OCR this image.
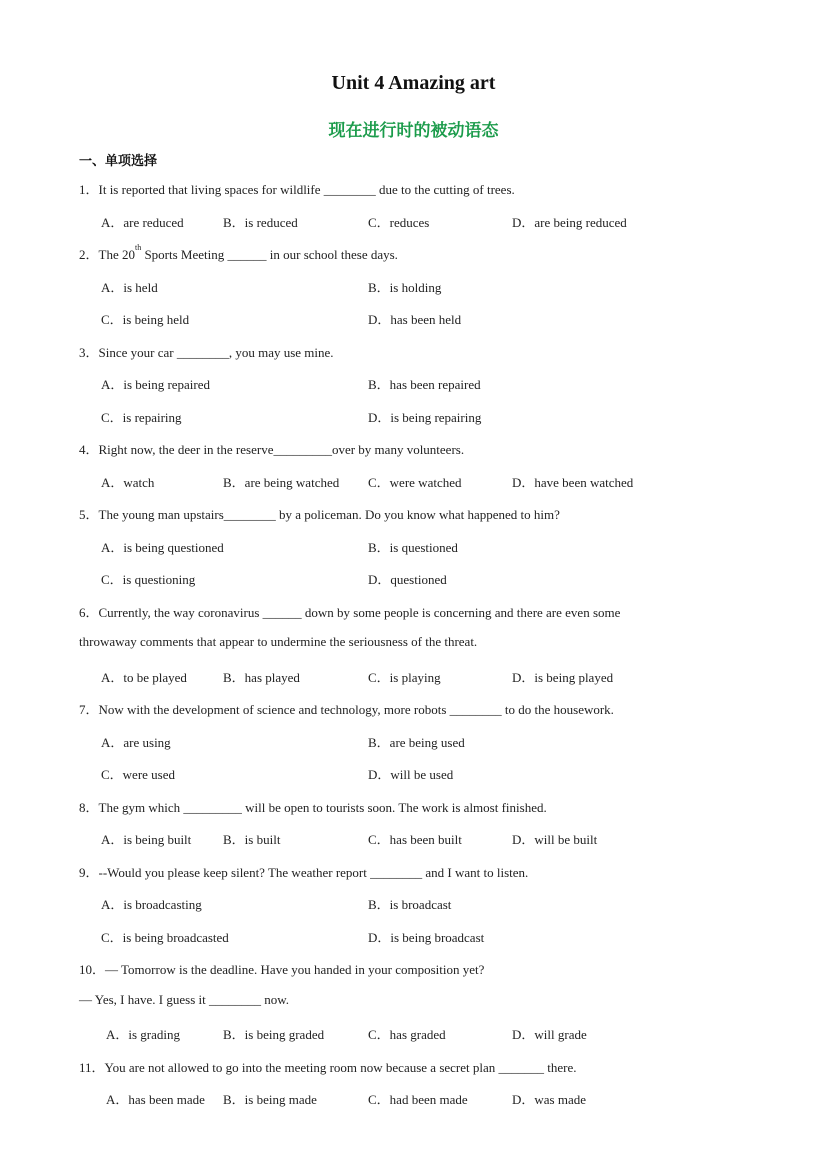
Unit 4 Amazing art
现在进行时的被动语态
一、单项选择
1．It is reported that living spaces for wildlife ________ due to the cutting of trees.
A．are reduced	B．is reduced	C．reduces	D．are being reduced
2．The 20th Sports Meeting ______ in our school these days.
A．is held	B．is holding
C．is being held	D．has been held
3．Since your car ________, you may use mine.
A．is being repaired	B．has been repaired
C．is repairing	D．is being repairing
4．Right now, the deer in the reserve_________over by many volunteers.
A．watch	B．are being watched C．were watched	D．have been watched
5．The young man upstairs________ by a policeman. Do you know what happened to him?
A．is being questioned	B．is questioned
C．is questioning	D．questioned
6．Currently, the way coronavirus ______ down by some people is concerning and there are even some
throwaway comments that appear to undermine the seriousness of the threat.
A．to be played	B．has played	C．is playing	D．is being played
7．Now with the development of science and technology, more robots ________ to do the housework.
A．are using	B．are being used
C．were used	D．will be used
8．The gym which _________ will be open to tourists soon. The work is almost finished.
A．is being built B．is built	C．has been built	D．will be built
9．--Would you please keep silent? The weather report ________ and I want to listen.
A．is broadcasting	B．is broadcast
C．is being broadcasted	D．is being broadcast
10．— Tomorrow is the deadline. Have you handed in your composition yet?
— Yes, I have. I guess it ________ now.
A．is grading	B．is being graded	C．has graded	D．will grade
11．You are not allowed to go into the meeting room now because a secret plan _______ there.
A．has been made B．is being made	C．had been made	D．was made
